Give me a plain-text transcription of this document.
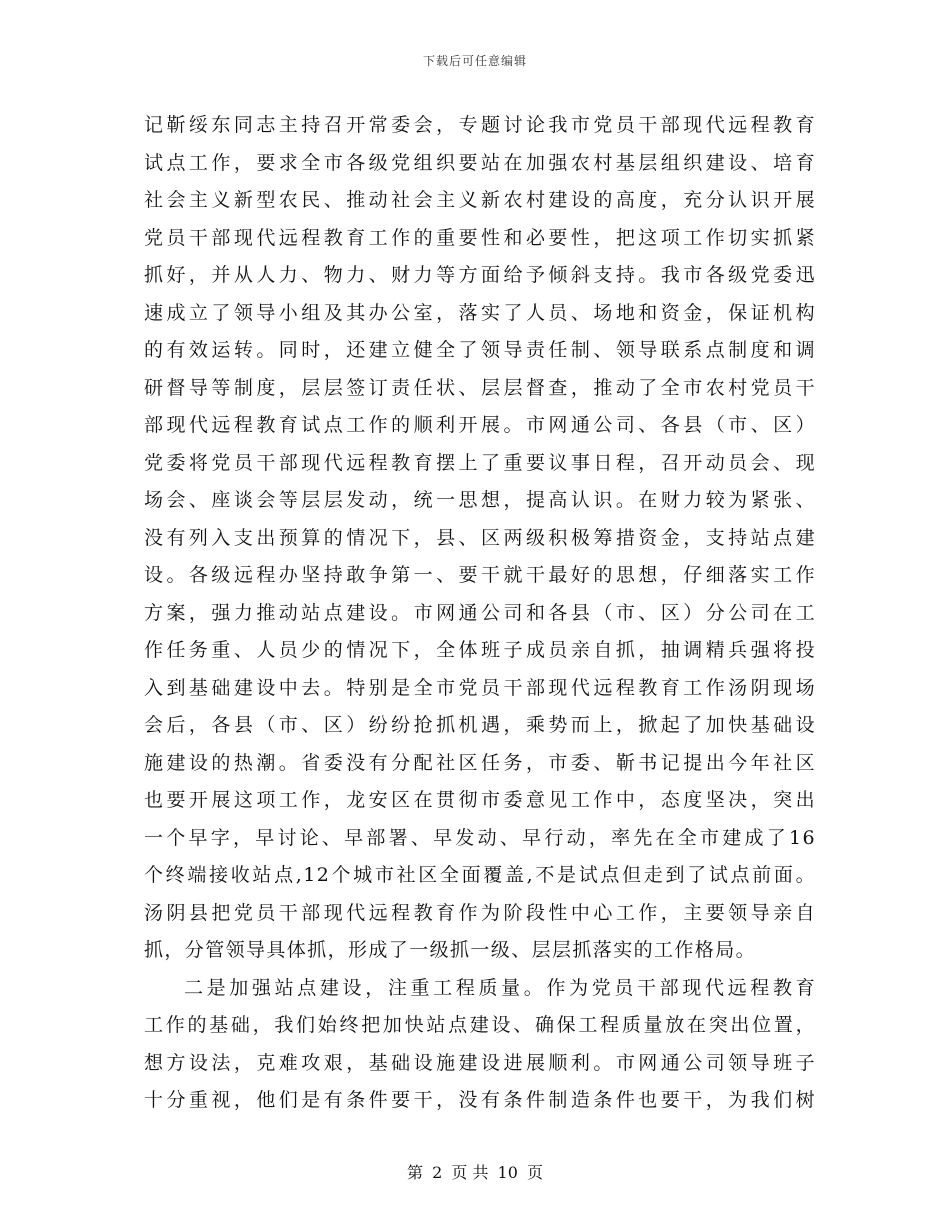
下载后可任意编辑
记靳绥东同志主持召开常委会，专题讨论我市党员干部现代远程教育
试点工作，要求全市各级党组织要站在加强农村基层组织建设、培育
社会主义新型农民、推动社会主义新农村建设的高度，充分认识开展
党员干部现代远程教育工作的重要性和必要性，把这项工作切实抓紧
抓好，并从人力、物力、财力等方面给予倾斜支持。我市各级党委迅
速成立了领导小组及其办公室，落实了人员、场地和资金，保证机构
的有效运转。同时，还建立健全了领导责任制、领导联系点制度和调
研督导等制度，层层签订责任状、层层督查，推动了全市农村党员干
部现代远程教育试点工作的顺利开展。市网通公司、各县（市、区）
党委将党员干部现代远程教育摆上了重要议事日程，召开动员会、现
场会、座谈会等层层发动，统一思想，提高认识。在财力较为紧张、
没有列入支出预算的情况下，县、区两级积极筹措资金，支持站点建
设。各级远程办坚持敢争第一、要干就干最好的思想，仔细落实工作
方案，强力推动站点建设。市网通公司和各县（市、区）分公司在工
作任务重、人员少的情况下，全体班子成员亲自抓，抽调精兵强将投
入到基础建设中去。特别是全市党员干部现代远程教育工作汤阴现场
会后，各县（市、区）纷纷抢抓机遇，乘势而上，掀起了加快基础设
施建设的热潮。省委没有分配社区任务，市委、靳书记提出今年社区
也要开展这项工作，龙安区在贯彻市委意见工作中，态度坚决，突出
一个早字，早讨论、早部署、早发动、早行动，率先在全市建成了16
个终端接收站点,12个城市社区全面覆盖,不是试点但走到了试点前面。
汤阴县把党员干部现代远程教育作为阶段性中心工作，主要领导亲自
抓，分管领导具体抓，形成了一级抓一级、层层抓落实的工作格局。
二是加强站点建设，注重工程质量。作为党员干部现代远程教育
工作的基础，我们始终把加快站点建设、确保工程质量放在突出位置，
想方设法，克难攻艰，基础设施建设进展顺利。市网通公司领导班子
十分重视，他们是有条件要干，没有条件制造条件也要干，为我们树
第 2 页 共 10 页
